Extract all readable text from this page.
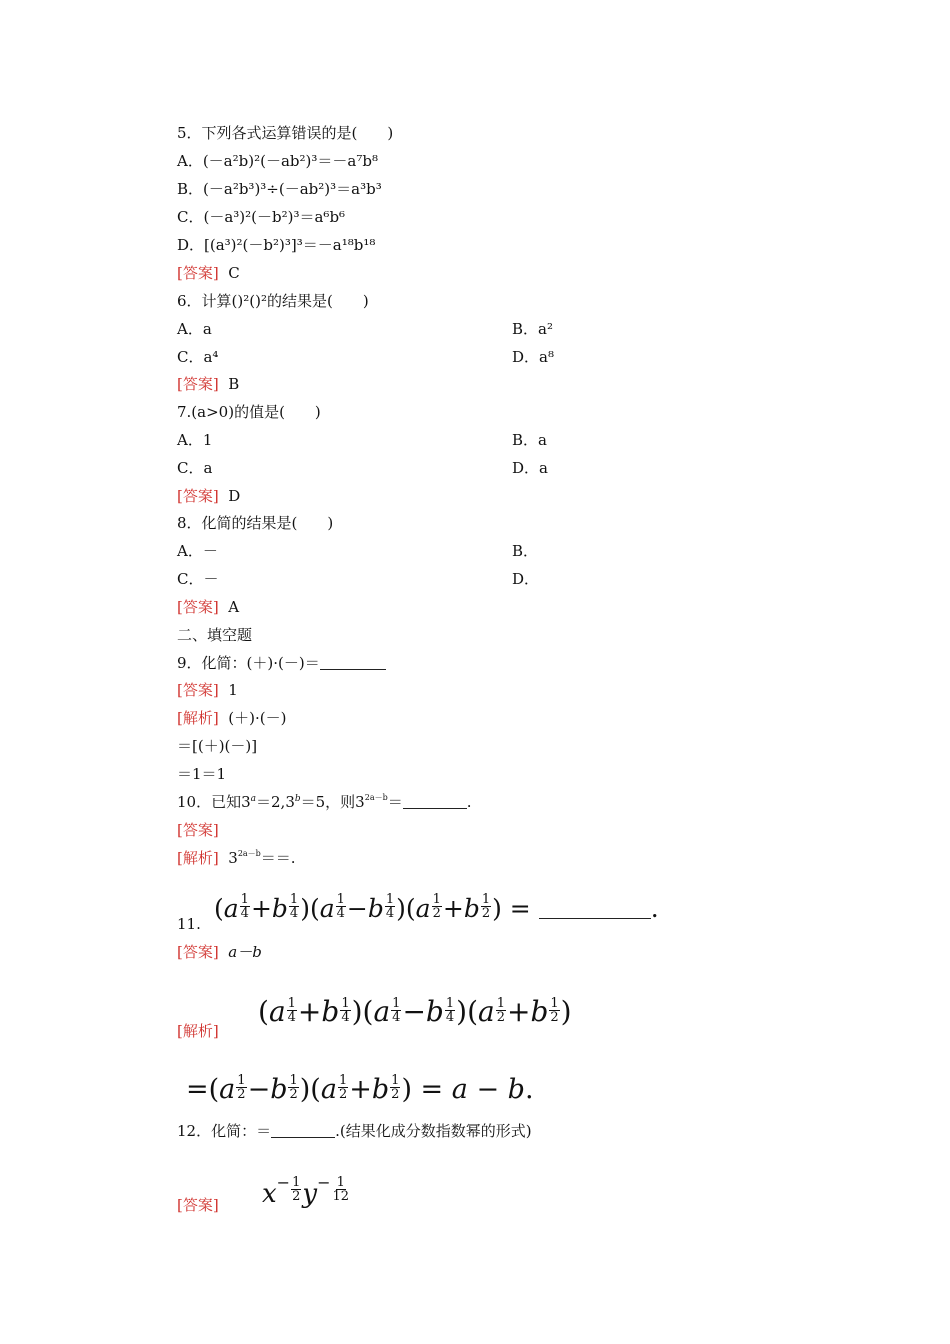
5．下列各式运算错误的是(　　)
A．(－a²b)²(－ab²)³＝－a⁷b⁸
B．(－a²b³)³÷(－ab²)³＝a³b³
C．(－a³)²(－b²)³＝a⁶b⁶
D．[(a³)²(－b²)³]³＝－a¹⁸b¹⁸
[答案] C
6．计算()²()²的结果是(　　)
A．a	B．a²
C．a⁴	D．a⁸
[答案] B
7.(a>0)的值是(　　)
A．1	B．a
C．a	D．a
[答案] D
8．化简的结果是(　　)
A．－	B．
C．－	D．
[答案] A
二、填空题
9．化简：(＋)·(－)＝
[答案] 1
[解析] (＋)·(－)
＝[(＋)(－)]
＝1＝1
10．已知$3^a=2,3^b=5$，则$3^{2a-b}=$	.
[答案]
[解析] $3^{2a-b}==$.
11.
$(a \frac{1}{4} +b \frac{1}{4} )(a \frac{1}{4} -b \frac{1}{4} )(a \frac{1}{2} +b \frac{1}{2}$ ) =	.
[答案] a－b
[解析]
$(a \frac{1}{4} +b \frac{1}{4} )(a \frac{1}{4} -b \frac{1}{4} )(a \frac{1}{2} +b \frac{1}{2}$ )
$=(a \frac{1}{2} -b \frac{1}{2} )(a \frac{1}{2} +b \frac{1}{2}$ ) = a − b.
12．化简：＝	.(结果化成分数指数幂的形式)
$x^- \frac{1}{2} y^- \frac{1}{12}$
[答案]
